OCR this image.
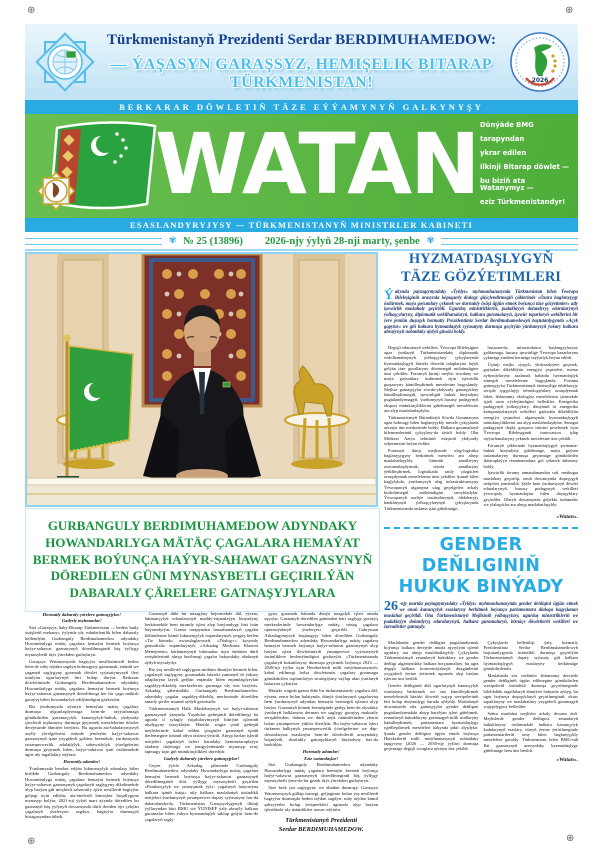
⊕	⊕
⊕	⊕
Türkmenistanyň Prezidenti Serdar BERDIMUHAMEDOW:
— ÝAŞASYN GARAŞSYZ, HEMIŞELIK BITARAP TÜRKMENISTAN!	2026
BERKARAR DÖWLETIŇ TÄZE EÝÝAMYNYŇ GALKYNYŞY
WATAN Dünýäde BMG

tarapyndan

ykrar edilen

ilkinji Bitarap döwlet —

bu biziň ata Watanymyz —

eziz Türkmenistandyr!

ESASLANDYRYJYSY — TÜRKMENISTANYŇ MINISTRLER KABINETI
✾ № 25 (13896) 2026-njy ýylyň 28-nji marty, şenbe ✾
GURBANGULY BERDIMUHAMEDOW ADYNDAKY HOWANDARLYGA MÄTÄÇ ÇAGALARA HEMAÝAT BERMEK BOÝUNÇA HAÝYR-SAHAWAT GAZNASYNYŇ DÖREDILEN GÜNI MYNASYBETLI GEÇIRILÝÄN DABARALY ÇÄRELERE GATNAŞYJYLARA

Hormatly dabaraly çärelere gatnaşyjylar!

Gadyrly myhmanlar!

Sizi «Garaşsyz, baky Bitarap Türkmenistan — bedew batly ösüşleriň mekany» ýylynda uly ruhubelentlik bilen dabaraly bellenilýän Gurbanguly Berdimuhamedow adyndaky Howandarlyga mätäç çagalara hemaýat bermek boýunça haýyr-sahawat gaznasynyň döredilmeginiň bäş ýyllygy mynasybetli tüýs ýürekden gutlaýaryn.

Garaşsyz Watanymyzda bagtyýar nesillerimiziň beden hem-de ruhy taýdan sagdyn bolmagyny gazanmak, enäniň we çaganyň saglygyny goramak döwlet syýasatymyzyň ileri tutulýan ugurlarynyň biri bolup durýar. Berkarar döwletimizde Gurbanguly Berdimuhamedow adyndaky Howandarlyga mätäç çagalara hemaýat bermek boýunça haýyr-sahawat gaznasynyň döredilmegi her bir çaga mähirli garaýyş bilen howandarlyk edilýändigini görkezýär.

Biz ýurdumyzda aýratyn hemaýata mätäç çagalary durmuşa uýgunlaşdyrmaga hem-de taýýarlamaga gönükdirilen guramaçylyk, kanunçylyk-hukuk, ykdysady çäreleriň toplumyny durmuşa geçirmek meselelerine döwlet derejesinde ähmiýet berýäris. Bu ugurda ata-babalarymyzyň asylly ýörelgelerini özünde jemleýän haýyr-sahawat gaznasynyň işine yzygiderli goldaw bermekde, ýurdumyzda ynsanperwerlik, adalatlylyk, sahawatlylyk ýörelgelerini durmuşa geçirmek bilen, haýyr-sahawat işini ösdürmekde ägirt uly tagallalary edýäris.

Hormatly adamlar!

Ýurdumyzda hereket edýän lukmançylyk edaralary bilen birlikde Gurbanguly Berdimuhamedow adyndaky Howandarlyga mätäç çagalara hemaýat bermek boýunça haýyr-sahawat gaznasynyň çagalaryň saglygyny dikeltmekde alyp barýan giň möçberli sahawatly işleri nesilleriň bagtyýar geljegi üçin edilýär, ata-eneleriň bimöçber hoşallygyna mynasyp bolýar. 2021-nji ýylyň mart aýynda döredilen bu gaznanyň bäş ýylynyň dowamynda dürli dertden ejir çekýän çagalaryň ýüzlerçesi sagdyn, bagtyýar durmuşyň bosagasyndan ätledi.

Gaznanyň diňe bir näsaglary bejermekde däl, eýsem, lukmançylyk edaralarynyň maddy-enjamlaýyn binýadyny berkitmekde hem tutumly işleri alyp barýandygy bizi örän buýsandyrýar. Gazna tarapyndan hassahanalaryň çagalar bölümlerine kämil lukmançylyk enjamlarynyň, peşgeş berlen «Tiz kömek» awtoulaglarynyň, «Dialog+» kysymly gemodializ enjamlarynyň, «Arkadag Medisina Klasteri Menejment» kärhanasynyň lukmanlar üçin öndüren dürli serişdeleriniň alnyp berilmegi çagalar hakyndaky aladanyň aýdyň mysalydyr.

Biz ýaş nesilleriň saglygyna möhüm ähmiýet bermek bilen, çagalaryň saglygyny goramakda häzirki zamanyň iň ýokary talaplaryna laýyk gelýän enjamlar bilen enjamlaşdyrylan sagaldyş-dikeldiş merkezlerini gurmaga uly üns berýäris. Arkadag şäherindäki Gurbanguly Berdimuhamedow adyndaky çagalar sagaldyş-dikeldiş merkezinde döredilen amatly şertler munuň aýdyň güwäsidir.

Türkmenistanyň Halk Maslahatynyň we haýyr-sahawat gaznasynyň ýanynda Ýaşulular geňeşiniň döredilmegi bu ugurda il sylagly ýaşulularymyzyň bitirýän işleriniň uludygyny tassyklaýar. Häzirki wagta çenli geňeşiň mejlislerinde kabul edilen çözgütler gaznanyň işiniň ilerlemegine özüniň oňyn täsirini ýetirdi. Alnyp barlan işleriň netijeleri çagalaryň özleri baradaky hemmetaraplaýyn aladany duýmagy we jemgyýetimizde mynasyp orny tapmagy üçin giň mümkinçilikleri döredýär.

Gadyrly dabaraly çärelere gatnaşyjylar!

Geçen ýylda Arkadag şäherinde Gurbanguly Berdimuhamedow adyndaky Howandarlyga mätäç çagalara hemaýat bermek boýunça haýyr-sahawat gaznasynyň döredilmeginiň dört ýyllygy mynasybetli geçirilen «Parahatçylyk we ynanyşmak ýyly: çagalaryň hatyrasyna halkara işiniň ösüşi» atly halkara maslahatyň üstünlikli netijeleri ýurdumyzyň ynsanperwer daşary syýasatyny has-da dabaralandyrdy. Türkmenistan Garaşsyzlygynyň ilkinji ýyllaryndan bäri BMG we ÝUNISEF ýaly abraýly halkara guramalar bilen ýakyn hyzmatdaşlyk saklap gelýär hem-de çagalaryň sagly-

gyny goramak babatda dünýä nusgalyk işleri amala aşyrýar. Gaznanyň döredilen gününden bäri saglygy goraýyş merkezlerinde howandarlyga mätäç, näsag çagalara operasiýalaryň ýüzlerçesi geçirildi. Gahryman Arkadagymyzyň başlangyjy bilen döredilen Gurbanguly Berdimuhamedow adyndaky Howandarlyga mätäç çagalara hemaýat bermek boýunça haýyr-sahawat gaznasynyň alyp barýan işleri döwletimiziň ynsanperwer syýasatynyň üstünliklere beslenýändigini görkezýär. «Türkmenistanda çagalaryň hukuklaryny durmuşa geçirmek boýunça 2023 — 2028-nji ýyllar üçin Hereketleriň milli meýilnamasynyň» kabul edilmegi bolsa döwletimizi çagalary goramaga gönükdirilen toplumlaýyn strategiýany saýlap alan ýurtlaryň hataryna çykarýar.

Häzirki wagtda gazna diňe bir türkmenistanly çagalara däl, eýsem, zerur bolan halatynda, dünýä ýurtlarynyň çagalaryna hem ýurdumyzyň adyndan hemaýat bermegiň işlerini alyp barýar. Gaznanyň kömek bermeginde goňşy hem-de alysdaky ýurtlaryň halklaryna derman we saglygy goraýyş maksatly serişdelerden, dokma we dürli azyk önümlerinden ybarat bolan ynsanperwer ýükler iberilýär. Bu haýyr-sahawat işleri türkmen halkynyň ynsanperwerlik ýörelgelerine we däp-dessurlaryna esaslanýar hem-de döwletleriň arasyndaky hoşniýetli, dostlukly gatnaşyklaryň binýadyny has-da berkidýär.

Hormatly adamlar!

Eziz watandaşlar!

Sizi Gurbanguly Berdimuhamedow adyndaky Howandarlyga mätäç çagalara hemaýat bermek boýunça haýyr-sahawat gaznasynyň döredilmeginiň bäş ýyllygy mynasybetli ýene-de bir gezek tüýs ýürekden gutlaýaryn.

Size berk jan saglygyny we abadan durmuşy, Garaşsyz Watanymyzyň gülläp ösmegi, geljegimiz bolan ýaş nesilleriň bagtyýar durmuşda beden taýdan sagdyn, ruhy taýdan kämil şahsyýetler bolup ýetişmekleri ugrunda alyp barýan işleriňizde uly üstünlikleri arzuw edýärin.

Türkmenistanyň Prezidenti
Serdar BERDIMUHAMEDOW.
HYZMATDAŞLYGYŇ
TÄZE GÖZÝETIMLERI

Ýakynda paýtagtymyzdaky «Ýyldyz» myhmanhanasynda Türkmenistan bilen Ýewropa Bileleşiginiň arasynda köpugurly dialogy güýçlendirmegiň çäklerinde «Özara baglanyşygy ösdürmek, maýa goýumlary çekmek we durnukly ösüşi üpjün etmek boýunça täze gözýetimler» atly işewürlik maslahaty geçirildi. Ugurdaş ministrlikleriň, pudaklaýyn dolandyryş edaralarynyň ýolbaşçylaryny, diplomatik wekilhanalaryň, halkara guramalaryň, işewür toparlaryň wekillerini bir ýere jemlän duşuşyk hormatly Prezidentimiz Serdar Berdimuhamedowyň baştutanlygynda «Açyk gapylar» we giň halkara hyzmatdaşlyk syýasatyny durmuşa geçirýän ýurdumyzyň ýokary halkara abraýynyň nobatdaky aýdyň güwäsi boldy.

Degişli edaralaryň wekilleri, Ýewropa Bileleşigine agza ýurtlaryň Türkmenistandaky diplomatik wekilhanalarynyň ýolbaşçylary çykyşlarynda hyzmatdaşlygyň häzirki döwrüň talaplaryna laýyk gelýän täze gurallaryny döretmegiň möhümdigine ünsi çekdiler. Forumyň birinji mejlisi söwdany we maýa goýumlary ösdürmek üçin işewürlik gurşawyny kämilleşdirmek meselesine bagyşlandy. Mejlise gatnaşyjylar söwda-ykdysady gatnaşyklary kämilleşdirmegiň, işewürligiň hukuk binýadyny pugtalandyrmagyň, ýurdumyzyň hususy pudagynyň eksport mümkinçiliklerini giňeltmegiň meselelerini ara alyp maslahatlaşdylar.

Türkmenistanyň Bütindünýä Söwda Guramasyna agza bolmagy bilen baglanyşykly mesele çykyşlarda aýratyn üns merkezinde boldy. Halkara guramalaryň bilermenleriniň çykyşlary-da täsirli boldy. Olar Merkezi Aziýa sebitiniň ösüşiniň ykdysady seljermesini beýan etdiler.

Forumyň ikinji mejlisinde ulag-logistika baglanyşygyny berkitmek meselesi ara alnyp maslahatlaşyldy. Gümrük amallaryny awtomatlaşdyrmak, söwda amallaryny ýeňilleşdirmek, logistikada sanly çözgütleri ornaşdyrmak meselelerine ünsi çekdiler. Şunuň bilen baglylykda, ýurdumyzyň ulag infrastrukturasyny Ýewropanyň ulgamyna ulag geçelgeleri arkaly birikdirmegiň möhümdigini tassykladylar. Ýewropanyň maliýe institutlarynyň, öňdebaryjy banklarynyň ýolbaşçylarynyň çykyşlarynda Türkmenistanda taslama işini giňeltmäge,

hususan-da, infrastruktura başlangyçlaryny goldamaga, hususy işewürlige Ýewropa bazarlaryna çykmaga ýardam bermäge taýýarlyk beýan edildi.

Üçünji mejlis «ýaşyl» ykdysadyýete geçmek, gaýtadan dikeldilýän energiýa çeşmeleri, metan zyňyndylaryny azaltmak babatda hyzmatdaşlyk etmegiň meselelerine bagyşlandy. Foruma gatnaşyjylar Türkmenistanyň önümçilige öňdebaryjy serişde tygşytlaýjy tehnologiýalary ornaşdyrmak bilen, ählumumy ekologiýa meselelerini çözmekde işjeň orun eýeleýändigini bellediler. Energetika pudagynyň ýolbaşçylary, dünýäniň iri energetika kompaniýalarynyň wekilleri gaýtadan dikeldilýän energiýa çeşmeleri ulgamynda hyzmatdaşlygyň mümkinçiliklerini ara alyp maslahatlaşdylar. Senagat pudagynyň daşky gurşawa täsirini peseltmek üçin Ýewropa Bileleşiginiň innowasion işläp taýýarlamalaryny çekmek meselesine üns çekildi.

Forumyň çäklerinde hyzmatdaşlygyň şertnama-hukuk binýadyny giňeltmäge, maýa goýum taslamalaryny durmuşa geçirmäge gönükdirilen ikitaraplaýyn resminamalara gol çekmek dabarasy boldy.

Işewürlik forumy tamamlanandan soň, metbugat maslahaty geçirilip, onuň dowamynda duşuşygyň netijeleri jemlenildi. Şeýle hem ýurdumyzyň döwlet edaralarynyň, hususy pudagynyň wekilleri ýewropaly hyzmatdaşlar bilen duşuşyklary geçirdiler. Olaryň dowamynda geljekki taslamalar we ylalaşyklar ara alnyp maslahatlaşyldy.

«Watan».
GENDER DEŇLIGINIŇ
HUKUK BINÝADY

26 -njy martda paýtagtymyzdaky «Ýyldyz» myhmanhanasynda gender deňligini üpjün etmek we onuň kanunçylyk esaslaryny berkitmek boýunça parlamentara dialoga bagyşlanan maslahat geçirildi. Oňa Türkmenistanyň Mejlisiniň ýolbaşçylary, ugurdaş ministrlikleriň we pudaklaýyn dolandyryş edaralarynyň, halkara guramalaryň, birnäçe döwletleriň wekilleri we žurnalistler gatnaşdy.

Maslahatda gender deňligini pugtalandyrmak boýunça halkara derejede amala aşyrylýan işleriň ugurlary ara alnyp maslahatlaşyldy. Çykyşlarda Türkmenistanyň zenanlaryň hukuklary we gender deňligi ulgamyndaky halkara borçnamalary, bu ugra degişli halkara konwensiýalaryň düzgünlerini yzygiderli ýerine ýetirmek ugrunda alyp barýan işlerine üns berildi.

Gender deňliginiň ähli ugurlarynyň kanunçylyk esaslaryny berkitmek we ony kämilleşdirmek meseleleriniň häzirki döwrüň wajyp wezipeleriniň biri bolup durýandygy barada aýdyldy. Maslahatyň dowamynda oňa gatnaşyjylar gender deňligini pugtalandyrmakda alnyp barylýan işleri giňeltmek, zenanlaryň hukuklaryny goramagyň milli usullaryny kämilleşdirmek, parlamentara hyzmatdaşlygy işjeňleşdirmek meseleleri hakynda pikir alyşdylar. Şunda gender deňligini üpjün etmek boýunça Hereketleriň milli meýilnamasynyň nobatdaky tapgyryny (2026 — 2030-njy ýyllar) durmuşa geçirmäge degişli soraglara aýratyn üns çekildi.

Çykyşlarda bellenilişi ýaly, hormatly Prezidentimiz Serdar Berdimuhamedowyň baştutanlygynda üstünlikli durmuşa geçirilýän Türkmenistanyň daşary syýasaty giň halkara hyzmatdaşlygyň esaslaryny berkitmäge gönükdirilendir.

Maslahatda söz sözlänler ählumumy derejede gender deňliginiň üpjün edilmegine gönükdirilen wezipeleriň üstünlikli durmuşa geçirilmeginde bilelikdäki tagallalaryň ähmiýeti hakynda aýdyp, bu ugur boýunça duşuşyklaryň geçirilmeginiň, okuw sapaklaryny we maslahatlary yzygiderli guramagyň wajypdygyny bellediler.

Soňra maslahat mejlisler arkaly dowam etdi. Mejlislerde gender deňligini, zenanlaryň hukuklaryny ösdürmekde halkara kanunçylyk kadalarynyň esaslary, olaryň ýerine ýetirilmeginde parlamentarileriň orny bilen baglanyşykly meselelere garaldy. Türkmenistan bilen BMG-niň Ilat gaznasynyň arasyndaky hyzmatdaşlygy giňeltmäge hem üns berildi.

«Watan».
